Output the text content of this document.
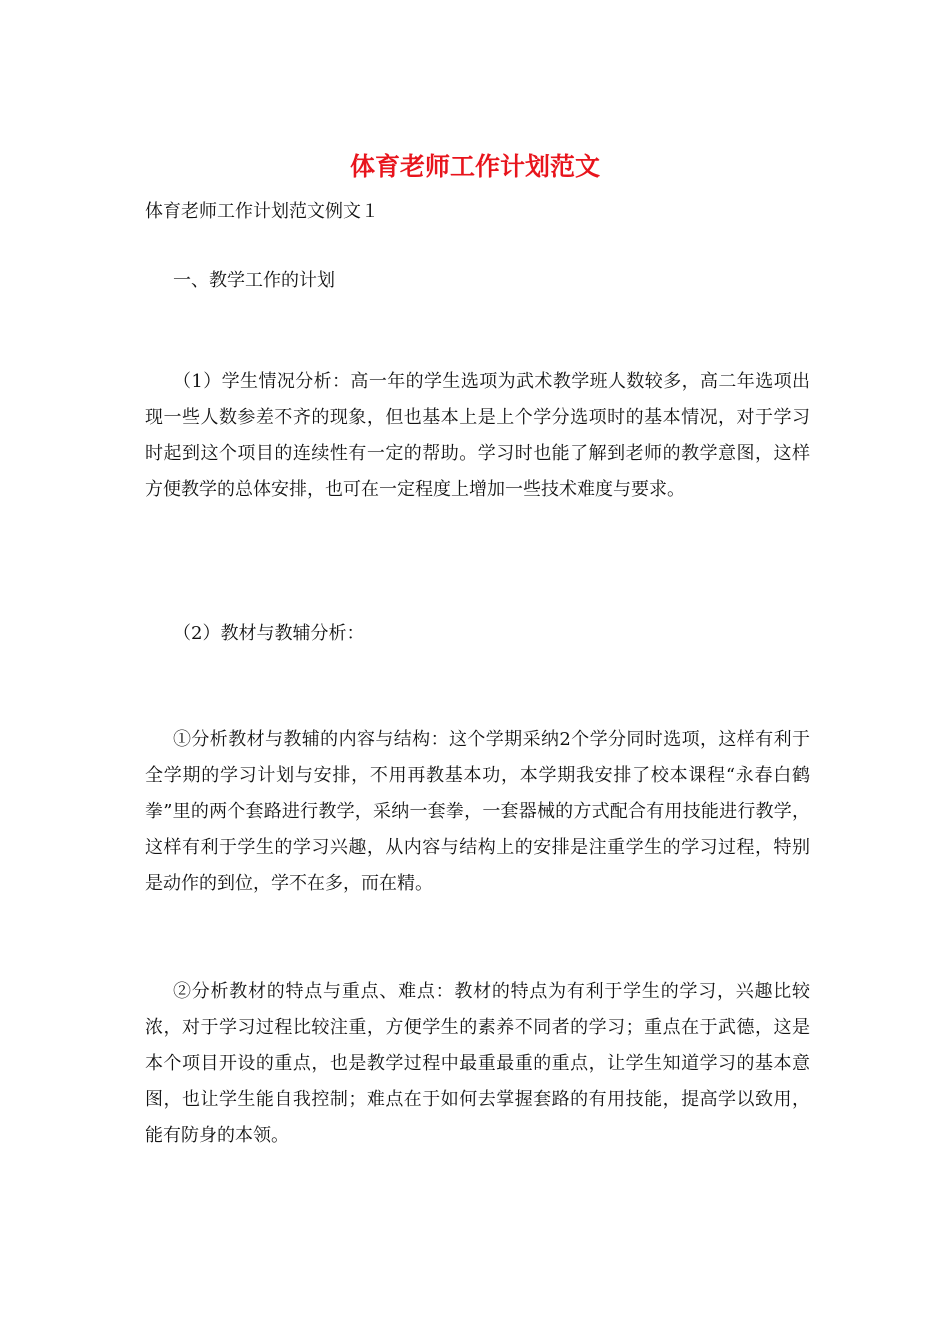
体育老师工作计划范文
体育老师工作计划范文例文１
一、教学工作的计划

（1）学生情况分析：高一年的学生选项为武术教学班人数较多，高二年选项出现一些人数参差不齐的现象，但也基本上是上个学分选项时的基本情况，对于学习时起到这个项目的连续性有一定的帮助。学习时也能了解到老师的教学意图，这样方便教学的总体安排，也可在一定程度上增加一些技术难度与要求。

（2）教材与教辅分析：

①分析教材与教辅的内容与结构：这个学期采纳2个学分同时选项，这样有利于全学期的学习计划与安排，不用再教基本功，本学期我安排了校本课程“永春白鹤拳”里的两个套路进行教学，采纳一套拳，一套器械的方式配合有用技能进行教学，这样有利于学生的学习兴趣，从内容与结构上的安排是注重学生的学习过程，特别是动作的到位，学不在多，而在精。

②分析教材的特点与重点、难点：教材的特点为有利于学生的学习，兴趣比较浓，对于学习过程比较注重，方便学生的素养不同者的学习；重点在于武德，这是本个项目开设的重点，也是教学过程中最重最重的重点，让学生知道学习的基本意图，也让学生能自我控制；难点在于如何去掌握套路的有用技能，提高学以致用，能有防身的本领。
